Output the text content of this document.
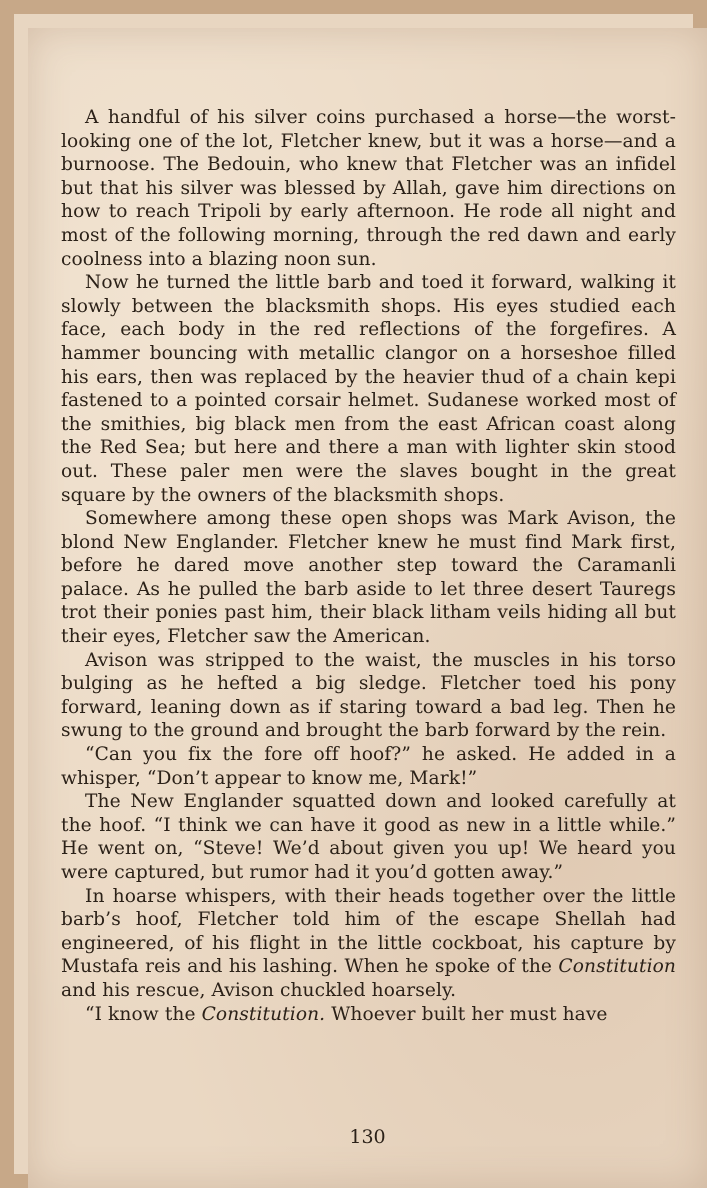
A handful of his silver coins purchased a horse—the worst-looking one of the lot, Fletcher knew, but it was a horse—and a burnoose. The Bedouin, who knew that Fletcher was an infidel but that his silver was blessed by Allah, gave him directions on how to reach Tripoli by early afternoon. He rode all night and most of the following morning, through the red dawn and early coolness into a blazing noon sun.

Now he turned the little barb and toed it forward, walking it slowly between the blacksmith shops. His eyes studied each face, each body in the red reflections of the forgefires. A hammer bouncing with metallic clangor on a horseshoe filled his ears, then was replaced by the heavier thud of a chain kepi fastened to a pointed corsair helmet. Sudanese worked most of the smithies, big black men from the east African coast along the Red Sea; but here and there a man with lighter skin stood out. These paler men were the slaves bought in the great square by the owners of the blacksmith shops.

Somewhere among these open shops was Mark Avison, the blond New Englander. Fletcher knew he must find Mark first, before he dared move another step toward the Caramanli palace. As he pulled the barb aside to let three desert Tauregs trot their ponies past him, their black litham veils hiding all but their eyes, Fletcher saw the American.

Avison was stripped to the waist, the muscles in his torso bulging as he hefted a big sledge. Fletcher toed his pony forward, leaning down as if staring toward a bad leg. Then he swung to the ground and brought the barb forward by the rein.

“Can you fix the fore off hoof?” he asked. He added in a whisper, “Don’t appear to know me, Mark!”

The New Englander squatted down and looked carefully at the hoof. “I think we can have it good as new in a little while.” He went on, “Steve! We’d about given you up! We heard you were captured, but rumor had it you’d gotten away.”

In hoarse whispers, with their heads together over the little barb’s hoof, Fletcher told him of the escape Shellah had engineered, of his flight in the little cockboat, his capture by Mustafa reis and his lashing. When he spoke of the Constitution and his rescue, Avison chuckled hoarsely.

“I know the Constitution. Whoever built her must have

130
